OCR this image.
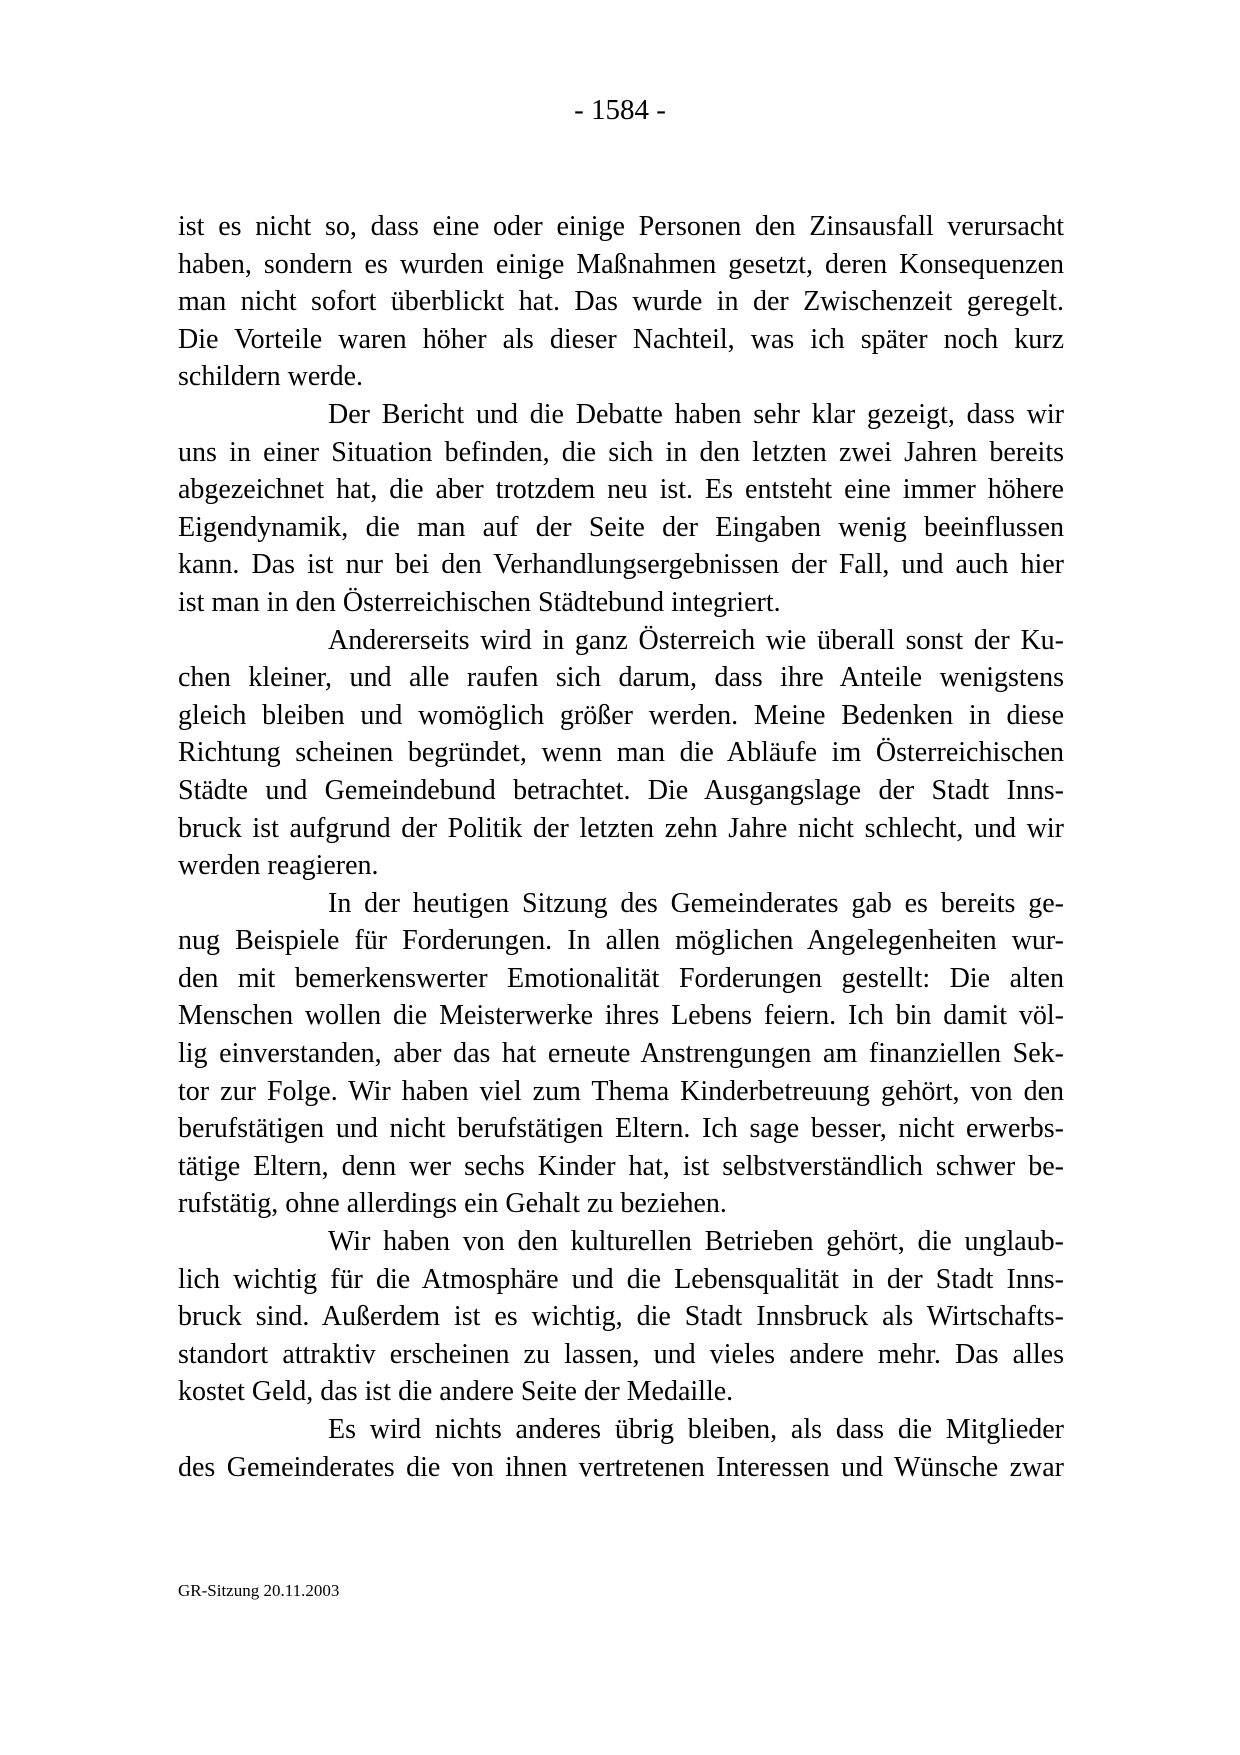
- 1584 -
ist es nicht so, dass eine oder einige Personen den Zinsausfall verursacht
haben, sondern es wurden einige Maßnahmen gesetzt, deren Konsequenzen
man nicht sofort überblickt hat. Das wurde in der Zwischenzeit geregelt.
Die Vorteile waren höher als dieser Nachteil, was ich später noch kurz
schildern werde.
Der Bericht und die Debatte haben sehr klar gezeigt, dass wir
uns in einer Situation befinden, die sich in den letzten zwei Jahren bereits
abgezeichnet hat, die aber trotzdem neu ist. Es entsteht eine immer höhere
Eigendynamik, die man auf der Seite der Eingaben wenig beeinflussen
kann. Das ist nur bei den Verhandlungsergebnissen der Fall, und auch hier
ist man in den Österreichischen Städtebund integriert.
Andererseits wird in ganz Österreich wie überall sonst der Ku-
chen kleiner, und alle raufen sich darum, dass ihre Anteile wenigstens
gleich bleiben und womöglich größer werden. Meine Bedenken in diese
Richtung scheinen begründet, wenn man die Abläufe im Österreichischen
Städte und Gemeindebund betrachtet. Die Ausgangslage der Stadt Inns-
bruck ist aufgrund der Politik der letzten zehn Jahre nicht schlecht, und wir
werden reagieren.
In der heutigen Sitzung des Gemeinderates gab es bereits ge-
nug Beispiele für Forderungen. In allen möglichen Angelegenheiten wur-
den mit bemerkenswerter Emotionalität Forderungen gestellt: Die alten
Menschen wollen die Meisterwerke ihres Lebens feiern. Ich bin damit völ-
lig einverstanden, aber das hat erneute Anstrengungen am finanziellen Sek-
tor zur Folge. Wir haben viel zum Thema Kinderbetreuung gehört, von den
berufstätigen und nicht berufstätigen Eltern. Ich sage besser, nicht erwerbs-
tätige Eltern, denn wer sechs Kinder hat, ist selbstverständlich schwer be-
rufstätig, ohne allerdings ein Gehalt zu beziehen.
Wir haben von den kulturellen Betrieben gehört, die unglaub-
lich wichtig für die Atmosphäre und die Lebensqualität in der Stadt Inns-
bruck sind. Außerdem ist es wichtig, die Stadt Innsbruck als Wirtschafts-
standort attraktiv erscheinen zu lassen, und vieles andere mehr. Das alles
kostet Geld, das ist die andere Seite der Medaille.
Es wird nichts anderes übrig bleiben, als dass die Mitglieder
des Gemeinderates die von ihnen vertretenen Interessen und Wünsche zwar
GR-Sitzung 20.11.2003
